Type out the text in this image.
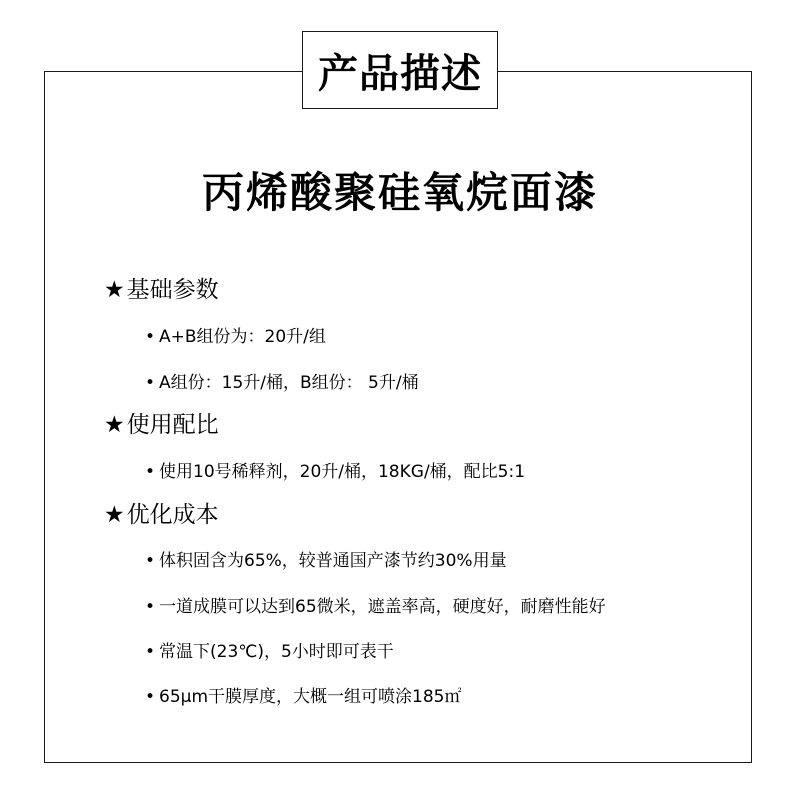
产品描述
丙烯酸聚硅氧烷面漆
★基础参数
• A+B组份为：20升/组
• A组份：15升/桶，B组份： 5升/桶
★使用配比
• 使用10号稀释剂，20升/桶，18KG/桶，配比5:1
★优化成本
• 体积固含为65%，较普通国产漆节约30%用量
• 一道成膜可以达到65微米，遮盖率高，硬度好，耐磨性能好
• 常温下(23℃)，5小时即可表干
• 65μm干膜厚度，大概一组可喷涂185㎡
